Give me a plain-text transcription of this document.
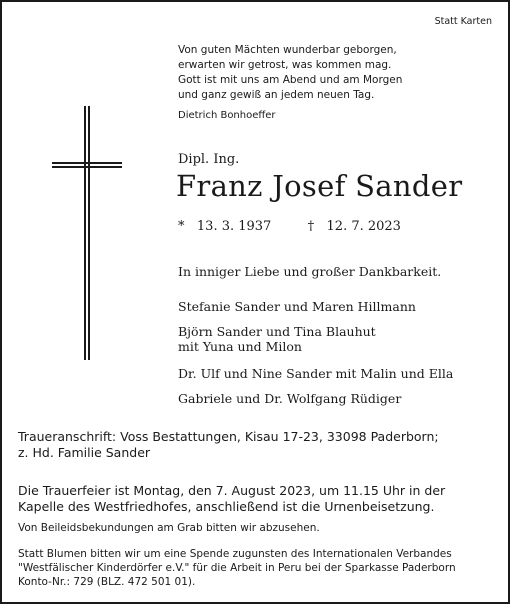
Statt Karten
Von guten Mächten wunderbar geborgen,
erwarten wir getrost, was kommen mag.
Gott ist mit uns am Abend und am Morgen
und ganz gewiß an jedem neuen Tag.
Dietrich Bonhoeffer
Dipl. Ing.
Franz Josef Sander
* 13. 3. 1937	† 12. 7. 2023
In inniger Liebe und großer Dankbarkeit.
Stefanie Sander und Maren Hillmann
Björn Sander und Tina Blauhut
mit Yuna und Milon
Dr. Ulf und Nine Sander mit Malin und Ella
Gabriele und Dr. Wolfgang Rüdiger
Traueranschrift: Voss Bestattungen, Kisau 17-23, 33098 Paderborn;
z. Hd. Familie Sander
Die Trauerfeier ist Montag, den 7. August 2023, um 11.15 Uhr in der
Kapelle des Westfriedhofes, anschließend ist die Urnenbeisetzung.
Von Beileidsbekundungen am Grab bitten wir abzusehen.
Statt Blumen bitten wir um eine Spende zugunsten des Internationalen Verbandes
"Westfälischer Kinderdörfer e.V." für die Arbeit in Peru bei der Sparkasse Paderborn
Konto-Nr.: 729 (BLZ. 472 501 01).
